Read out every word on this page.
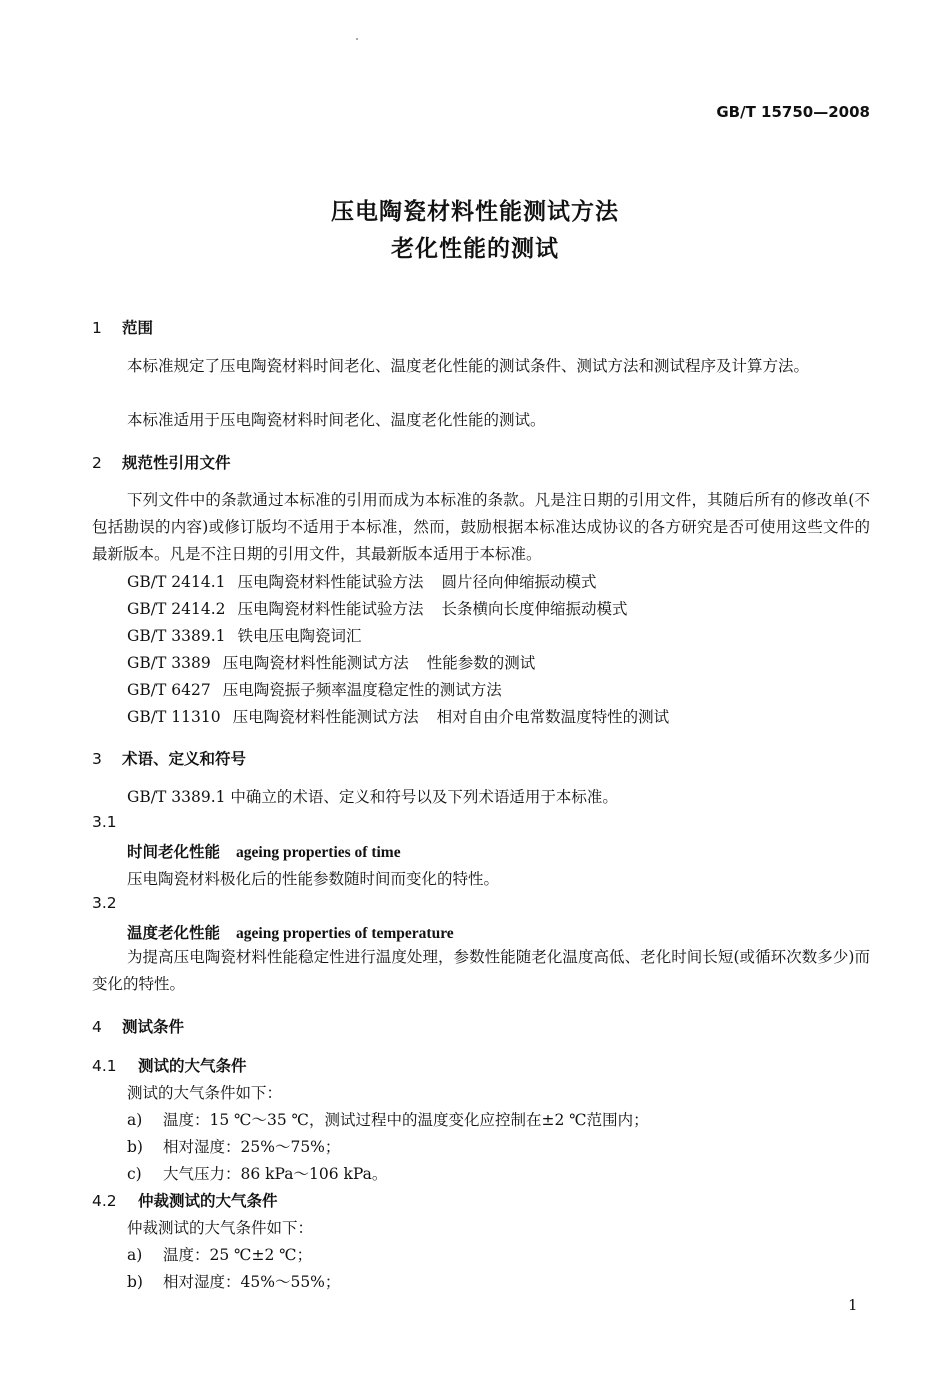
GB/T 15750—2008
压电陶瓷材料性能测试方法
老化性能的测试
1 范围
本标准规定了压电陶瓷材料时间老化、温度老化性能的测试条件、测试方法和测试程序及计算方法。
本标准适用于压电陶瓷材料时间老化、温度老化性能的测试。
2 规范性引用文件
下列文件中的条款通过本标准的引用而成为本标准的条款。凡是注日期的引用文件，其随后所有的修改单(不包括勘误的内容)或修订版均不适用于本标准，然而，鼓励根据本标准达成协议的各方研究是否可使用这些文件的最新版本。凡是不注日期的引用文件，其最新版本适用于本标准。
GB/T 2414.1 压电陶瓷材料性能试验方法 圆片径向伸缩振动模式
GB/T 2414.2 压电陶瓷材料性能试验方法 长条横向长度伸缩振动模式
GB/T 3389.1 铁电压电陶瓷词汇
GB/T 3389 压电陶瓷材料性能测试方法 性能参数的测试
GB/T 6427 压电陶瓷振子频率温度稳定性的测试方法
GB/T 11310 压电陶瓷材料性能测试方法 相对自由介电常数温度特性的测试
3 术语、定义和符号
GB/T 3389.1 中确立的术语、定义和符号以及下列术语适用于本标准。
3.1
时间老化性能 ageing properties of time
压电陶瓷材料极化后的性能参数随时间而变化的特性。
3.2
温度老化性能 ageing properties of temperature
为提高压电陶瓷材料性能稳定性进行温度处理，参数性能随老化温度高低、老化时间长短(或循环次数多少)而变化的特性。
4 测试条件
4.1 测试的大气条件
测试的大气条件如下：
a) 温度：15 ℃～35 ℃，测试过程中的温度变化应控制在±2 ℃范围内；
b) 相对湿度：25%～75%；
c) 大气压力：86 kPa～106 kPa。
4.2 仲裁测试的大气条件
仲裁测试的大气条件如下：
a) 温度：25 ℃±2 ℃；
b) 相对湿度：45%～55%；
1
